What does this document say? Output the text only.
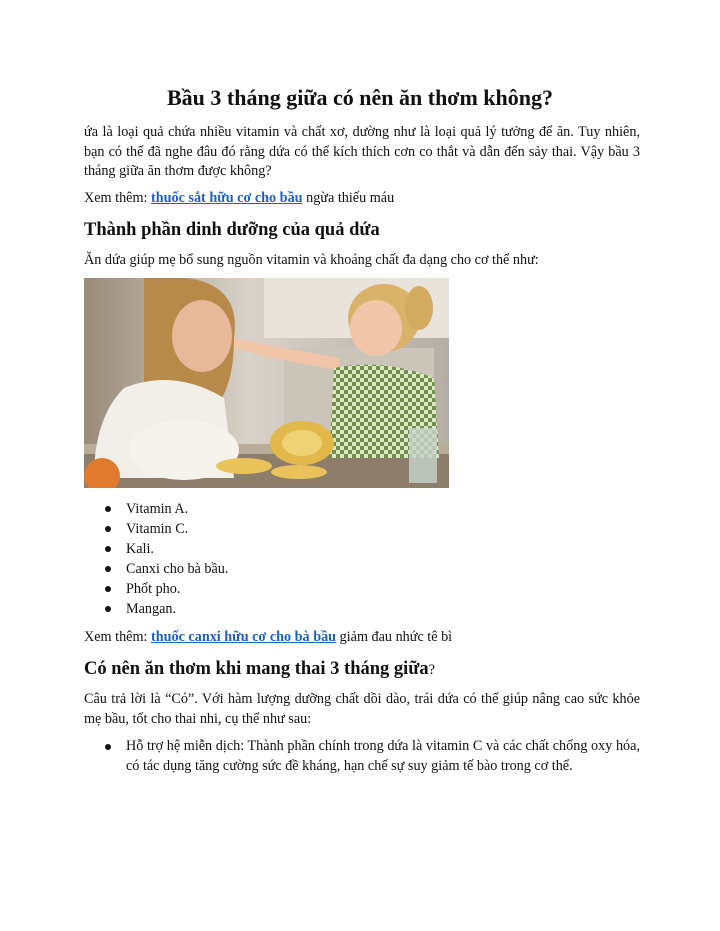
Bầu 3 tháng giữa có nên ăn thơm không?

ứa là loại quả chứa nhiều vitamin và chất xơ, dường như là loại quả lý tưởng để ăn. Tuy nhiên, bạn có thể đã nghe đâu đó rằng dứa có thể kích thích cơn co thắt và dẫn đến sảy thai. Vậy bầu 3 tháng giữa ăn thơm được không?

Xem thêm: thuốc sắt hữu cơ cho bầu ngừa thiếu máu

Thành phần dinh dưỡng của quả dứa

Ăn dứa giúp mẹ bổ sung nguồn vitamin và khoáng chất đa dạng cho cơ thể như:

Vitamin A.
Vitamin C.
Kali.
Canxi cho bà bầu.
Phốt pho.
Mangan.

Xem thêm: thuốc canxi hữu cơ cho bà bầu giảm đau nhức tê bì

Có nên ăn thơm khi mang thai 3 tháng giữa?

Câu trả lời là “Có”. Với hàm lượng dưỡng chất dồi dào, trái dứa có thể giúp nâng cao sức khỏe mẹ bầu, tốt cho thai nhi, cụ thể như sau:

Hỗ trợ hệ miễn dịch: Thành phần chính trong dứa là vitamin C và các chất chống oxy hóa, có tác dụng tăng cường sức đề kháng, hạn chế sự suy giảm tế bào trong cơ thể.
